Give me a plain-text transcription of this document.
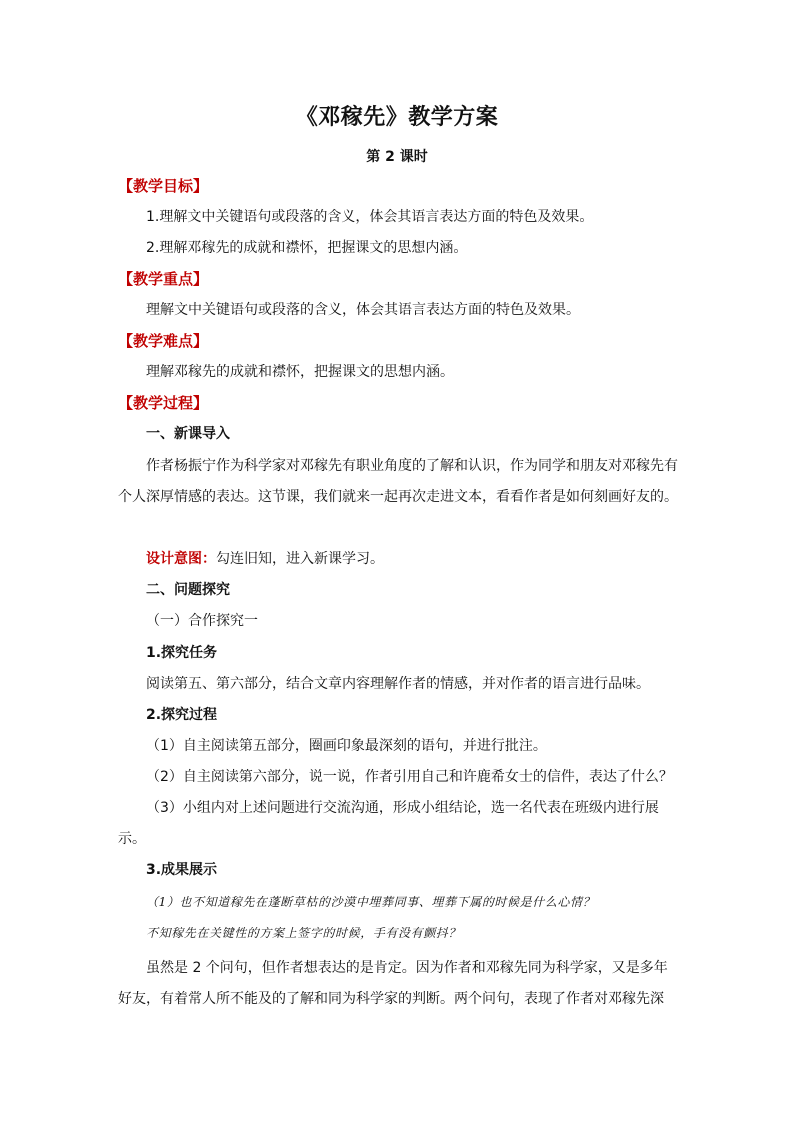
《邓稼先》教学方案
第 2 课时
【教学目标】
1.理解文中关键语句或段落的含义，体会其语言表达方面的特色及效果。
2.理解邓稼先的成就和襟怀，把握课文的思想内涵。
【教学重点】
理解文中关键语句或段落的含义，体会其语言表达方面的特色及效果。
【教学难点】
理解邓稼先的成就和襟怀，把握课文的思想内涵。
【教学过程】
一、新课导入
作者杨振宁作为科学家对邓稼先有职业角度的了解和认识，作为同学和朋友对邓稼先有个人深厚情感的表达。这节课，我们就来一起再次走进文本，看看作者是如何刻画好友的。
设计意图：勾连旧知，进入新课学习。
二、问题探究
（一）合作探究一
1.探究任务
阅读第五、第六部分，结合文章内容理解作者的情感，并对作者的语言进行品味。
2.探究过程
（1）自主阅读第五部分，圈画印象最深刻的语句，并进行批注。
（2）自主阅读第六部分，说一说，作者引用自己和许鹿希女士的信件，表达了什么？
（3）小组内对上述问题进行交流沟通，形成小组结论，选一名代表在班级内进行展示。
3.成果展示
（1）也不知道稼先在蓬断草枯的沙漠中埋葬同事、埋葬下属的时候是什么心情？
不知稼先在关键性的方案上签字的时候，手有没有颤抖？
虽然是 2 个问句，但作者想表达的是肯定。因为作者和邓稼先同为科学家，又是多年好友，有着常人所不能及的了解和同为科学家的判断。两个问句，表现了作者对邓稼先深
